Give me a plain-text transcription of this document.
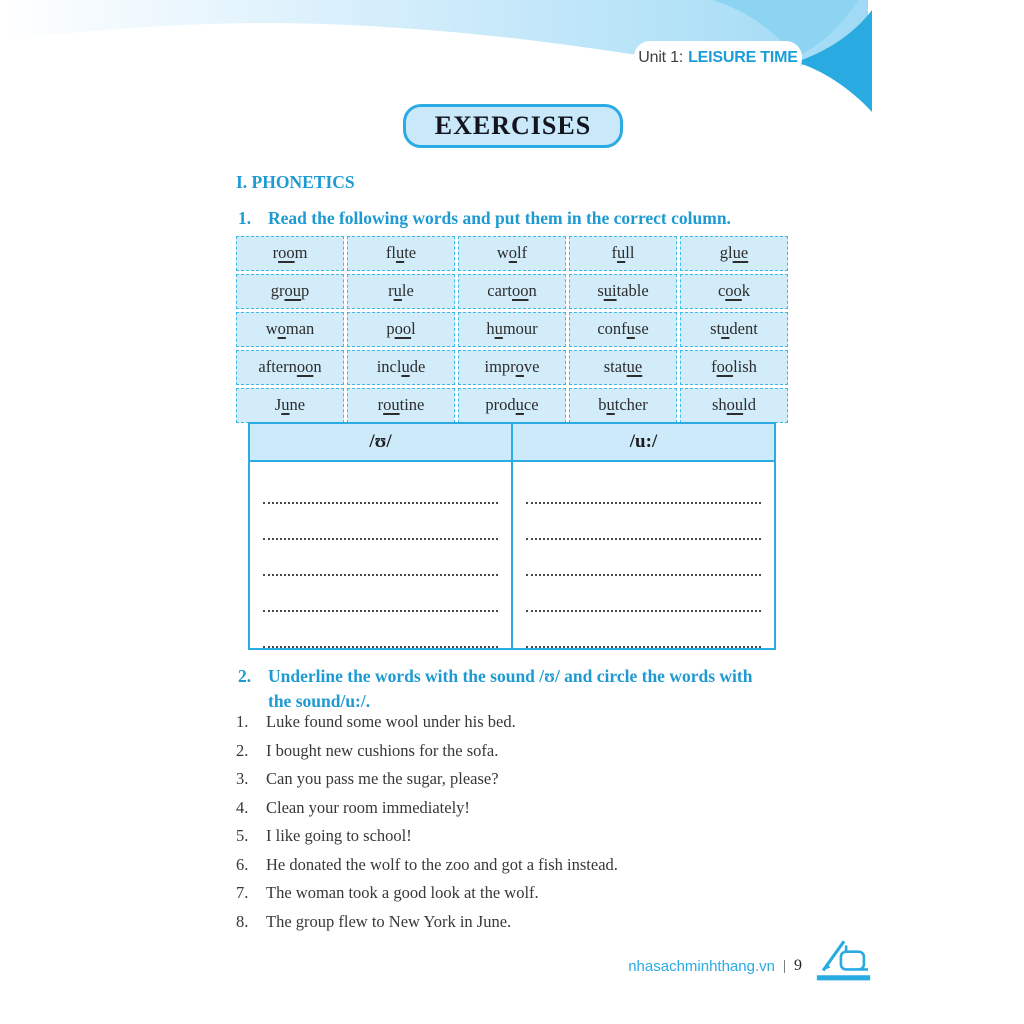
Unit 1: LEISURE TIME
EXERCISES
I. PHONETICS
1. Read the following words and put them in the correct column.
room	flute	wolf	full	glue
group	rule	cartoon	suitable	cook
woman	pool	humour	confuse	student
afternoon	include	improve	statue	foolish
June	routine	produce	butcher	should
/ʊ/	/u:/
2. Underline the words with the sound /ʊ/ and circle the words with
the sound/u:/.
1.	Luke found some wool under his bed.
2.	I bought new cushions for the sofa.
3.	Can you pass me the sugar, please?
4.	Clean your room immediately!
5.	I like going to school!
6.	He donated the wolf to the zoo and got a fish instead.
7.	The woman took a good look at the wolf.
8.	The group flew to New York in June.
nhasachminhthang.vn | 9
